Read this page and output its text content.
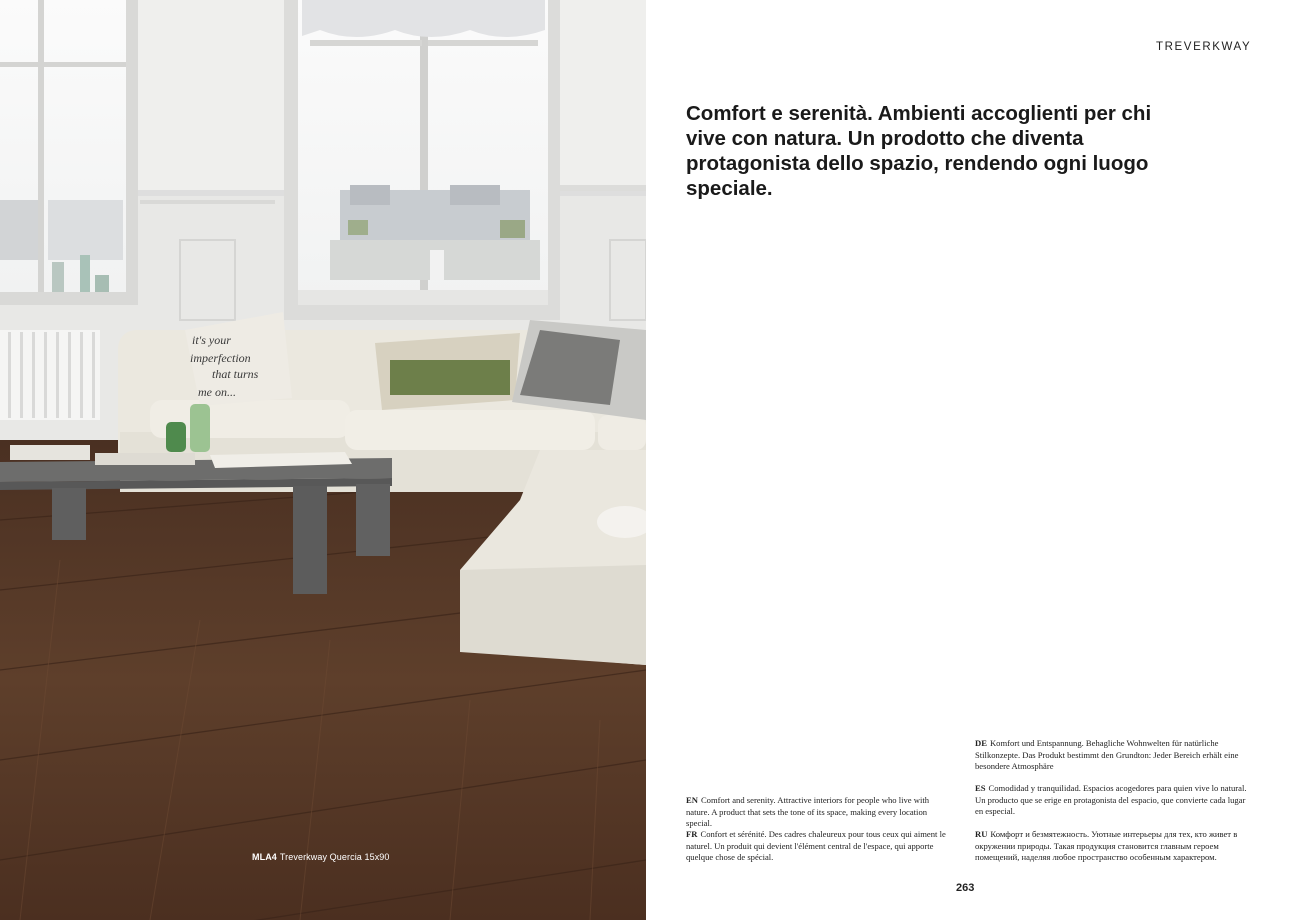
it's your
imperfection
that turns
me on...
MLA4 Treverkway Quercia 15x90
TREVERKWAY

Comfort e serenità. Ambienti accoglienti per chi vive con natura. Un prodotto che diventa protagonista dello spazio, rendendo ogni luogo speciale.

EN Comfort and serenity. Attractive interiors for people who live with nature. A product that sets the tone of its space, making every location special.

FR Confort et sérénité. Des cadres chaleureux pour tous ceux qui aiment le naturel. Un produit qui devient l'élément central de l'espace, qui apporte quelque chose de spécial.

DE Komfort und Entspannung. Behagliche Wohnwelten für natürliche Stilkonzepte. Das Produkt bestimmt den Grundton: Jeder Bereich erhält eine besondere Atmosphäre

ES Comodidad y tranquilidad. Espacios acogedores para quien vive lo natural. Un producto que se erige en protagonista del espacio, que convierte cada lugar en especial.

RU Комфорт и безмятежность. Уютные интерьеры для тех, кто живет в окружении природы. Такая продукция становится главным героем помещений, наделяя любое пространство особенным характером.

263
